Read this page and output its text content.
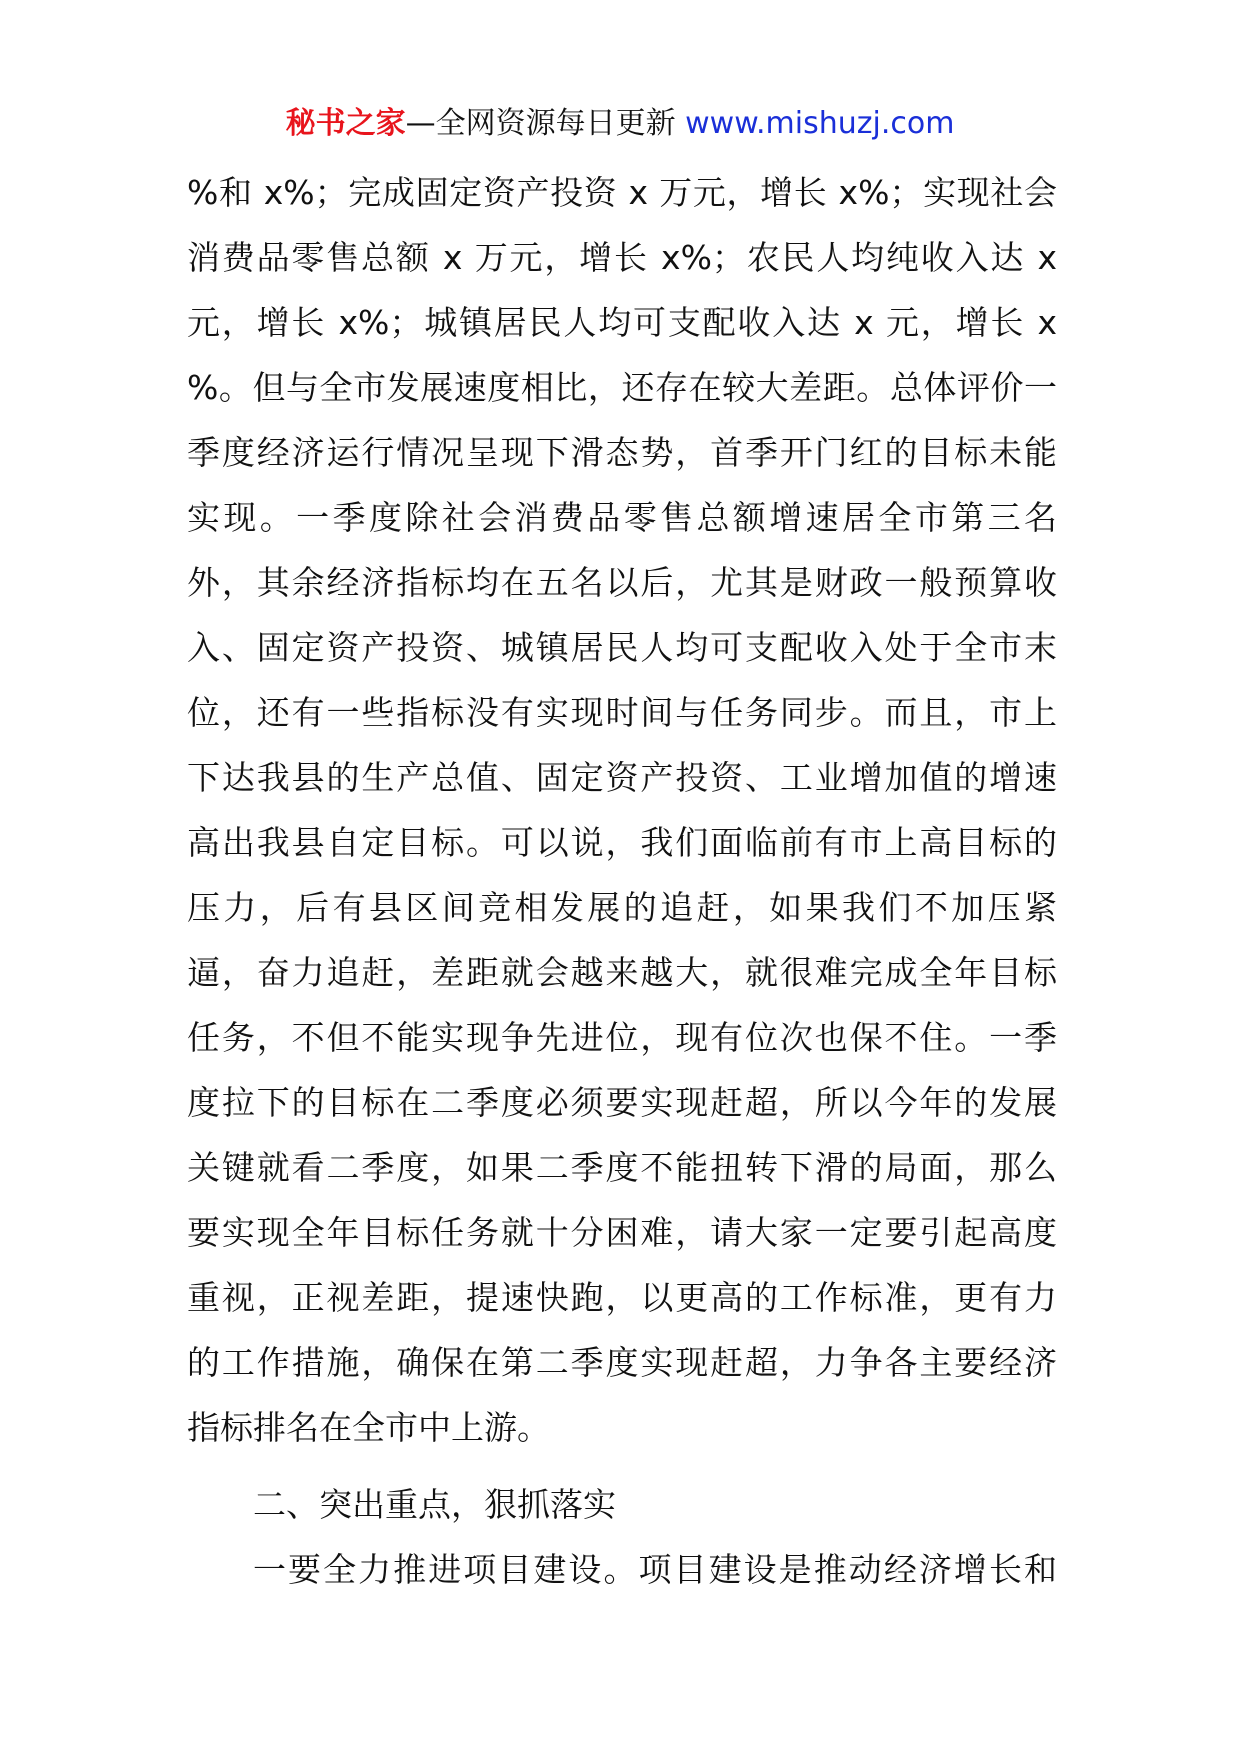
秘书之家—全网资源每日更新 www.mishuzj.com
%和 x%；完成固定资产投资 x 万元，增长 x%；实现社会
消费品零售总额 x 万元，增长 x%；农民人均纯收入达 x
元，增长 x%；城镇居民人均可支配收入达 x 元，增长 x
%。但与全市发展速度相比，还存在较大差距。总体评价一
季度经济运行情况呈现下滑态势，首季开门红的目标未能
实现。一季度除社会消费品零售总额增速居全市第三名
外，其余经济指标均在五名以后，尤其是财政一般预算收
入、固定资产投资、城镇居民人均可支配收入处于全市末
位，还有一些指标没有实现时间与任务同步。而且，市上
下达我县的生产总值、固定资产投资、工业增加值的增速
高出我县自定目标。可以说，我们面临前有市上高目标的
压力，后有县区间竞相发展的追赶，如果我们不加压紧
逼，奋力追赶，差距就会越来越大，就很难完成全年目标
任务，不但不能实现争先进位，现有位次也保不住。一季
度拉下的目标在二季度必须要实现赶超，所以今年的发展
关键就看二季度，如果二季度不能扭转下滑的局面，那么
要实现全年目标任务就十分困难，请大家一定要引起高度
重视，正视差距，提速快跑，以更高的工作标准，更有力
的工作措施，确保在第二季度实现赶超，力争各主要经济
指标排名在全市中上游。
二、突出重点，狠抓落实
一要全力推进项目建设。项目建设是推动经济增长和
